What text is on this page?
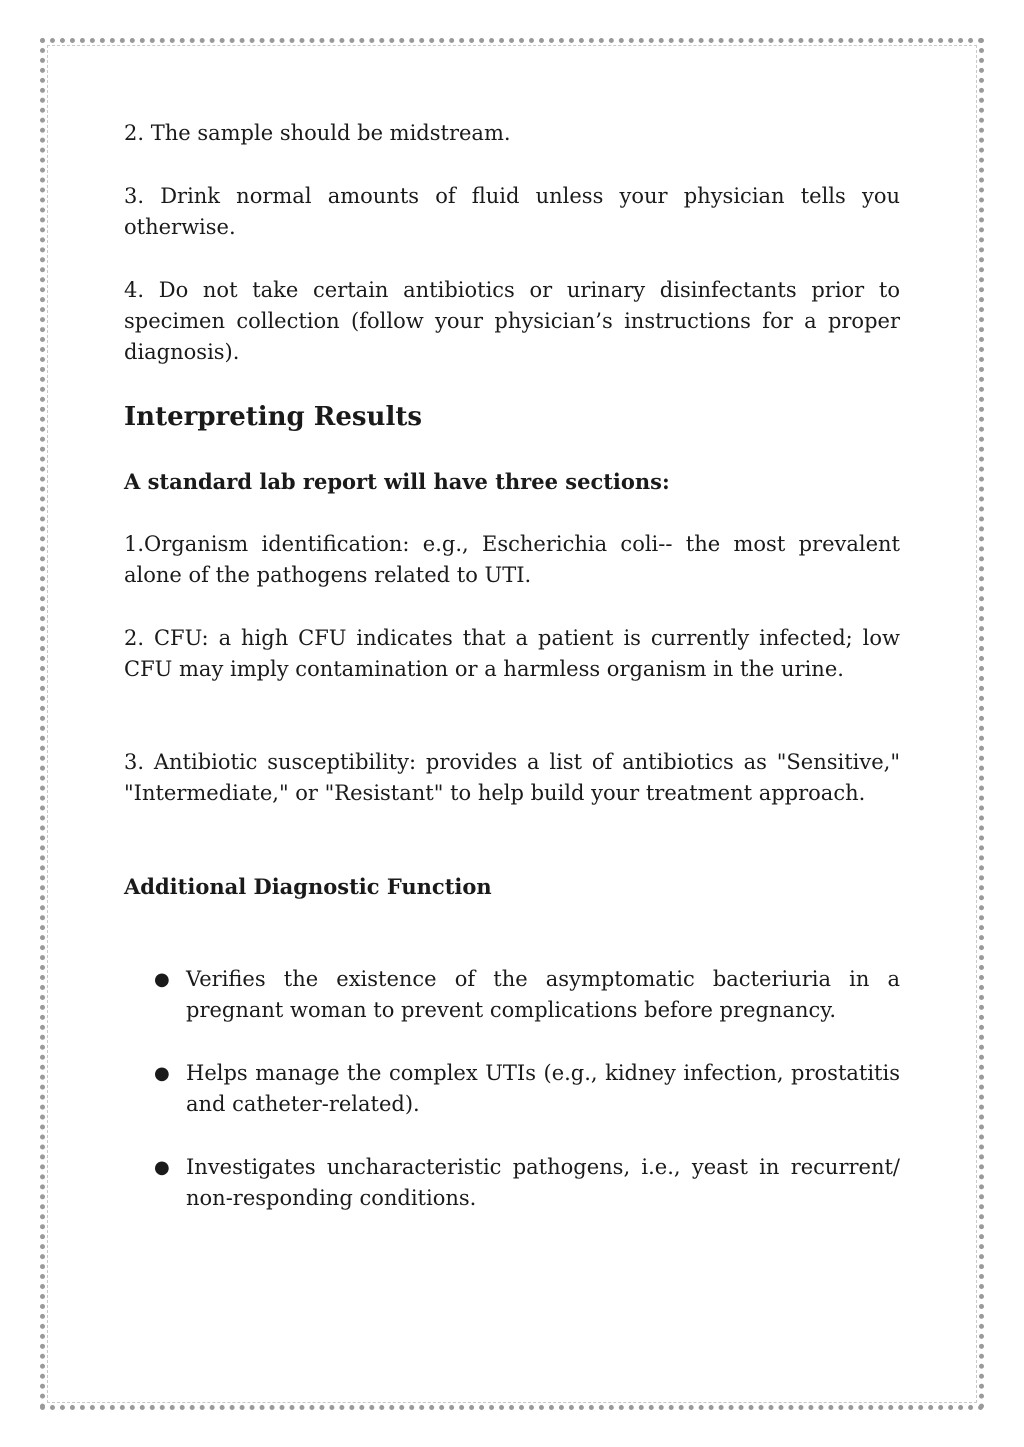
2. The sample should be midstream.

3. Drink normal amounts of fluid unless your physician tells you otherwise.

4. Do not take certain antibiotics or urinary disinfectants prior to specimen collection (follow your physician’s instructions for a proper diagnosis).

Interpreting Results
A standard lab report will have three sections:

1.Organism identification: e.g., Escherichia coli-- the most prevalent alone of the pathogens related to UTI.

2. CFU: a high CFU indicates that a patient is currently infected; low CFU may imply contamination or a harmless organism in the urine.

3. Antibiotic susceptibility: provides a list of antibiotics as "Sensitive," "Intermediate," or "Resistant" to help build your treatment approach.

Additional Diagnostic Function
● Verifies the existence of the asymptomatic bacteriuria in a pregnant woman to prevent complications before pregnancy.
● Helps manage the complex UTIs (e.g., kidney infection, prostatitis and catheter-related).
● Investigates uncharacteristic pathogens, i.e., yeast in recurrent/ non-responding conditions.
